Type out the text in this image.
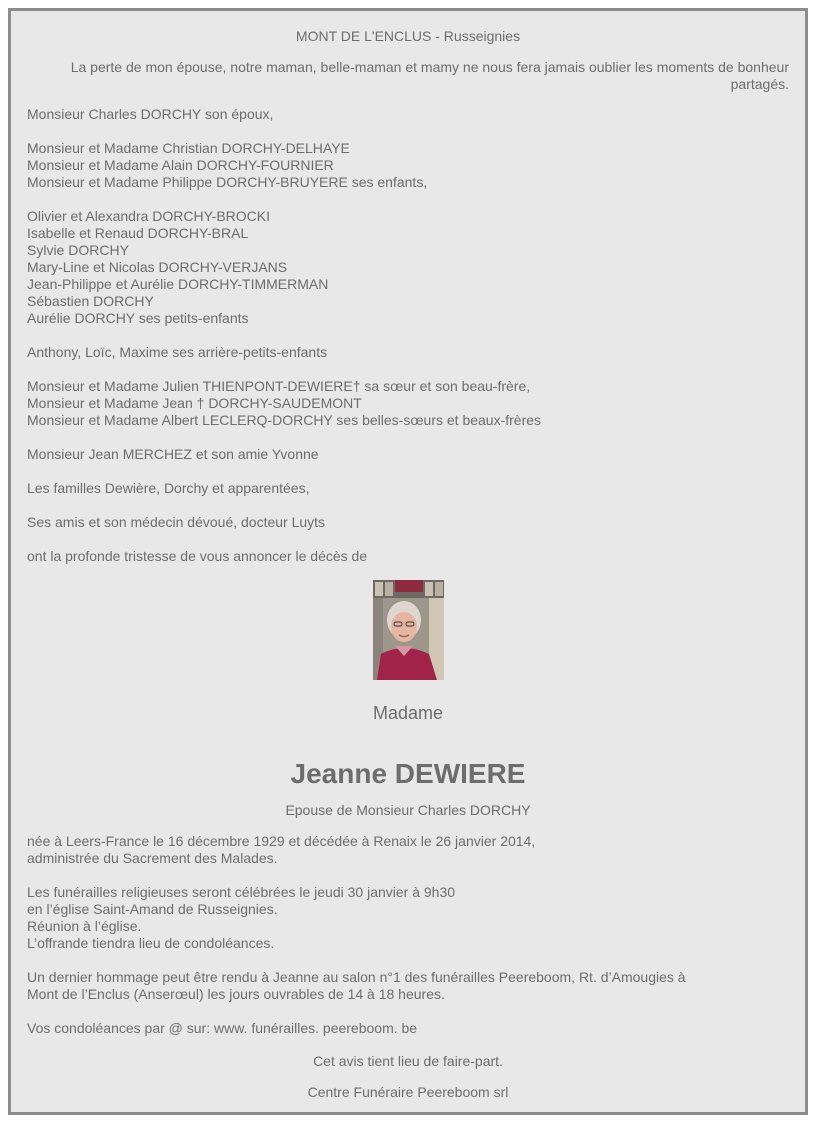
MONT DE L'ENCLUS - Russeignies
La perte de mon épouse, notre maman, belle-maman et mamy ne nous fera jamais oublier les moments de bonheur partagés.
Monsieur Charles DORCHY son époux,
Monsieur et Madame Christian DORCHY-DELHAYE
Monsieur et Madame Alain DORCHY-FOURNIER
Monsieur et Madame Philippe DORCHY-BRUYERE ses enfants,
Olivier et Alexandra DORCHY-BROCKI
Isabelle et Renaud DORCHY-BRAL
Sylvie DORCHY
Mary-Line et Nicolas DORCHY-VERJANS
Jean-Philippe et Aurélie DORCHY-TIMMERMAN
Sébastien DORCHY
Aurélie DORCHY ses petits-enfants
Anthony, Loïc, Maxime ses arrière-petits-enfants
Monsieur et Madame Julien THIENPONT-DEWIERE† sa sœur et son beau-frère,
Monsieur et Madame Jean † DORCHY-SAUDEMONT
Monsieur et Madame Albert LECLERQ-DORCHY ses belles-sœurs et beaux-frères
Monsieur Jean MERCHEZ et son amie Yvonne
Les familles Dewière, Dorchy et apparentées,
Ses amis et son médecin dévoué, docteur Luyts
ont la profonde tristesse de vous annoncer le décès de
Madame
Jeanne DEWIERE
Epouse de Monsieur Charles DORCHY
née à Leers-France le 16 décembre 1929 et décédée à Renaix le 26 janvier 2014,
administrée du Sacrement des Malades.
Les funérailles religieuses seront célébrées le jeudi 30 janvier à 9h30
en l’église Saint-Amand de Russeignies.
Réunion à l’église.
L’offrande tiendra lieu de condoléances.
Un dernier hommage peut être rendu à Jeanne au salon n°1 des funérailles Peereboom, Rt. d’Amougies à
Mont de l’Enclus (Anserœul) les jours ouvrables de 14 à 18 heures.
Vos condoléances par @ sur: www. funérailles. peereboom. be
Cet avis tient lieu de faire-part.
Centre Funéraire Peereboom srl
